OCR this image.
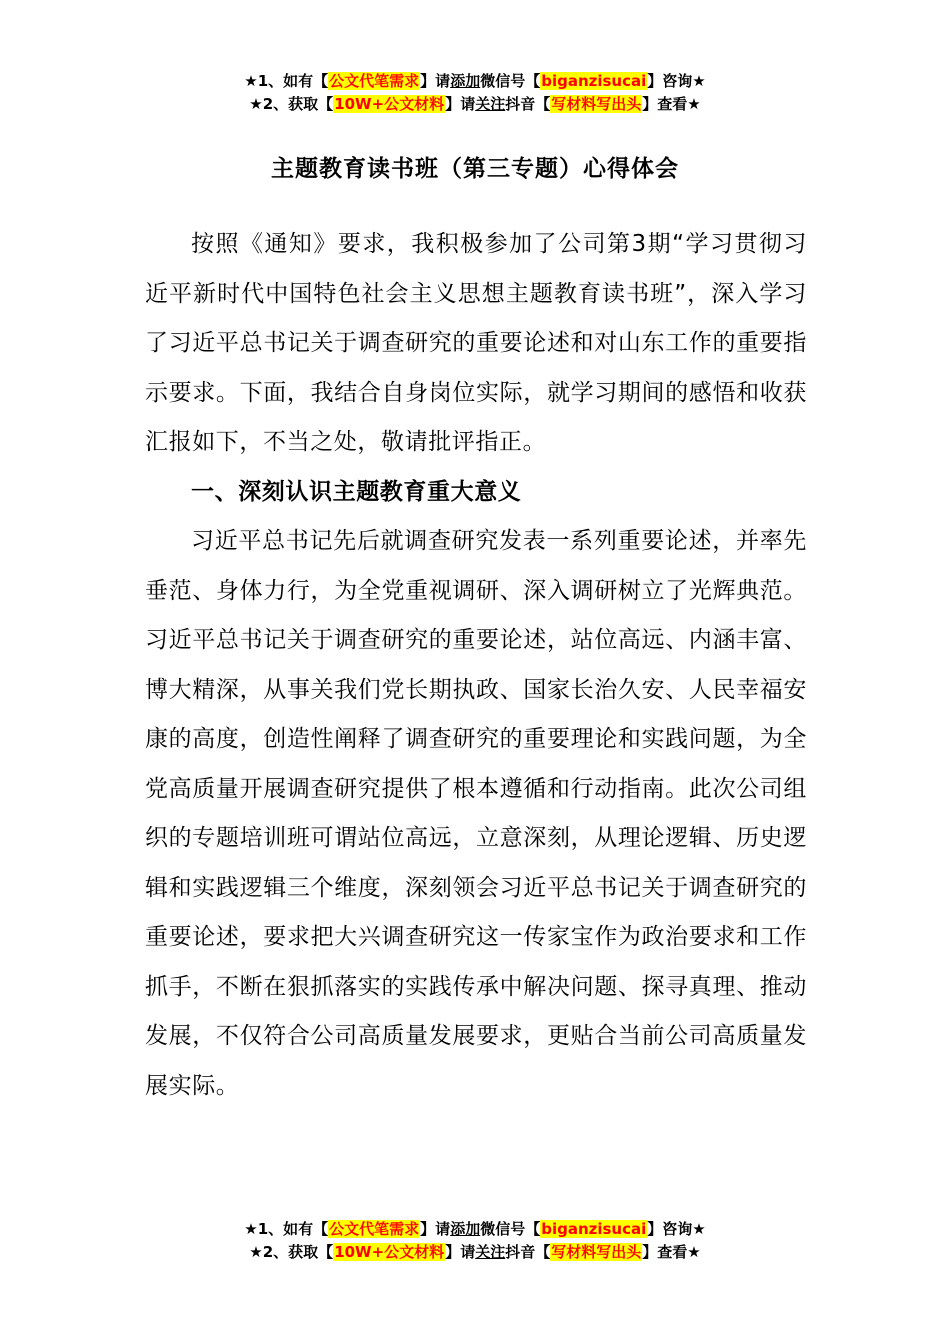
★1、如有【公文代笔需求】请添加微信号【biganzisucai】咨询★
★2、获取【10W+公文材料】请关注抖音【写材料写出头】查看★
主题教育读书班（第三专题）心得体会

按照《通知》要求，我积极参加了公司第3期“学习贯彻习近平新时代中国特色社会主义思想主题教育读书班”，深入学习了习近平总书记关于调查研究的重要论述和对山东工作的重要指示要求。下面，我结合自身岗位实际，就学习期间的感悟和收获汇报如下，不当之处，敬请批评指正。

一、深刻认识主题教育重大意义

习近平总书记先后就调查研究发表一系列重要论述，并率先垂范、身体力行，为全党重视调研、深入调研树立了光辉典范。习近平总书记关于调查研究的重要论述，站位高远、内涵丰富、博大精深，从事关我们党长期执政、国家长治久安、人民幸福安康的高度，创造性阐释了调查研究的重要理论和实践问题，为全党高质量开展调查研究提供了根本遵循和行动指南。此次公司组织的专题培训班可谓站位高远，立意深刻，从理论逻辑、历史逻辑和实践逻辑三个维度，深刻领会习近平总书记关于调查研究的重要论述，要求把大兴调查研究这一传家宝作为政治要求和工作抓手，不断在狠抓落实的实践传承中解决问题、探寻真理、推动发展，不仅符合公司高质量发展要求，更贴合当前公司高质量发展实际。

★1、如有【公文代笔需求】请添加微信号【biganzisucai】咨询★
★2、获取【10W+公文材料】请关注抖音【写材料写出头】查看★
